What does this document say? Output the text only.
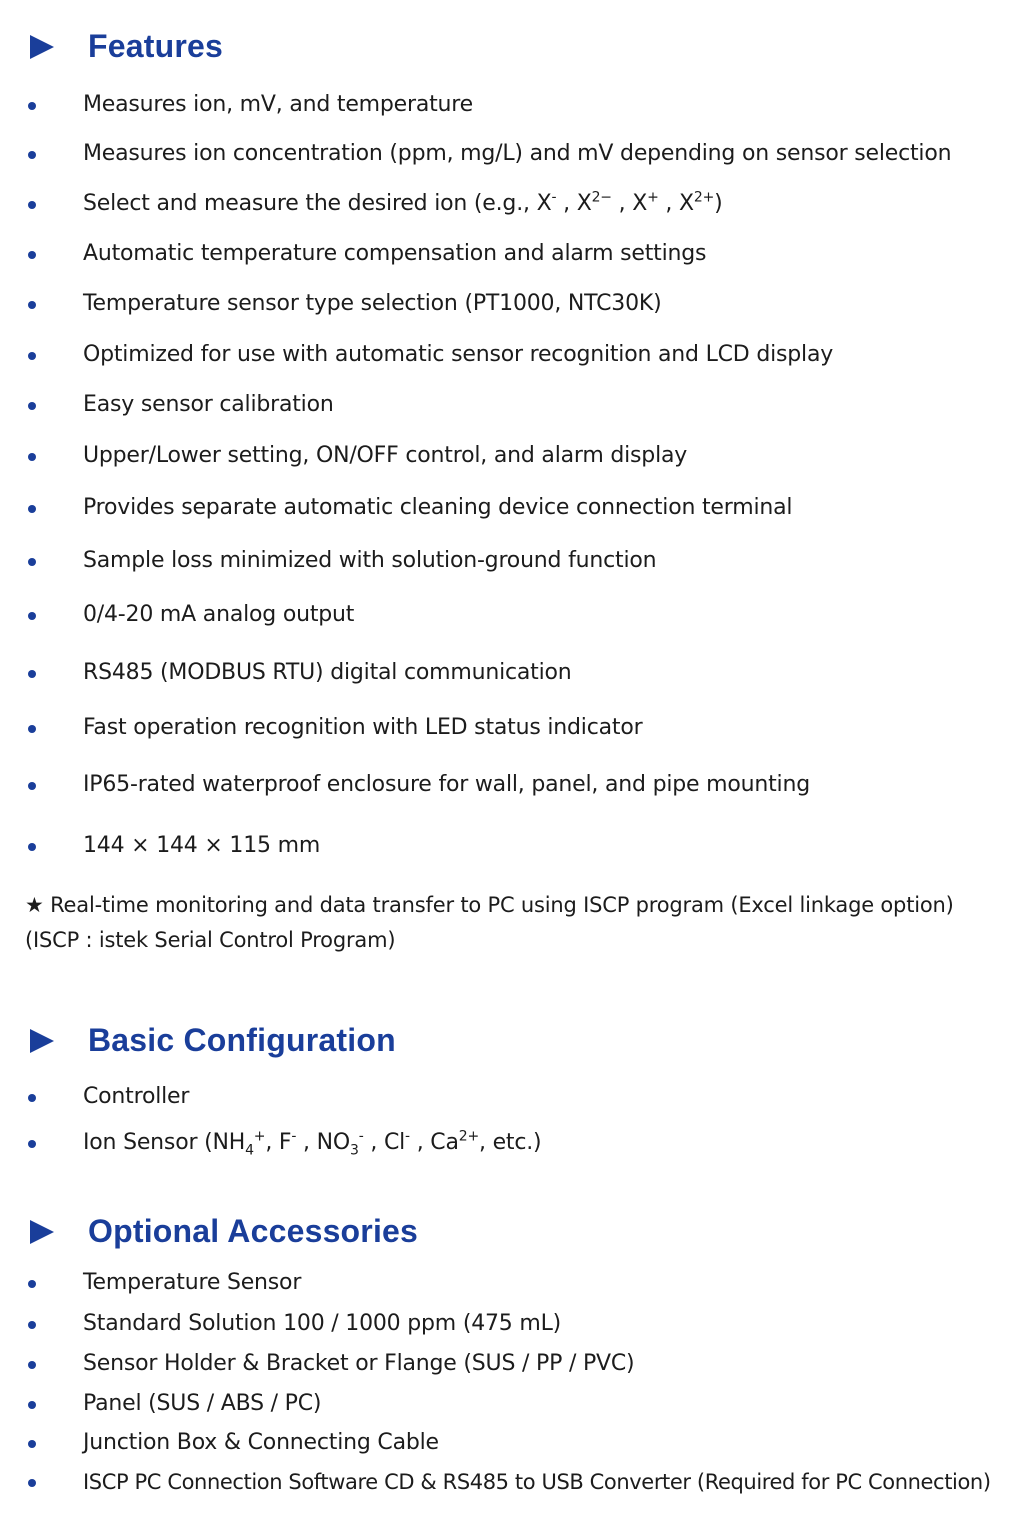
Features
Measures ion, mV, and temperature
Measures ion concentration (ppm, mg/L) and mV depending on sensor selection
Select and measure the desired ion (e.g., X- , $X^{2-}$ , X+ , $X^{2+}$)
Automatic temperature compensation and alarm settings
Temperature sensor type selection (PT1000, NTC30K)
Optimized for use with automatic sensor recognition and LCD display
Easy sensor calibration
Upper/Lower setting, ON/OFF control, and alarm display
Provides separate automatic cleaning device connection terminal
Sample loss minimized with solution-ground function
0/4-20 mA analog output
RS485 (MODBUS RTU) digital communication
Fast operation recognition with LED status indicator
IP65-rated waterproof enclosure for wall, panel, and pipe mounting
144 × 144 × 115 mm
★ Real-time monitoring and data transfer to PC using ISCP program (Excel linkage option)
(ISCP : istek Serial Control Program)
Basic Configuration
Controller
Ion Sensor ($NH_4^+$, F- , $NO_3^-$ , Cl- , $Ca^{2+}$, etc.)
Optional Accessories
Temperature Sensor
Standard Solution 100 / 1000 ppm (475 mL)
Sensor Holder & Bracket or Flange (SUS / PP / PVC)
Panel (SUS / ABS / PC)
Junction Box & Connecting Cable
ISCP PC Connection Software CD & RS485 to USB Converter (Required for PC Connection)
